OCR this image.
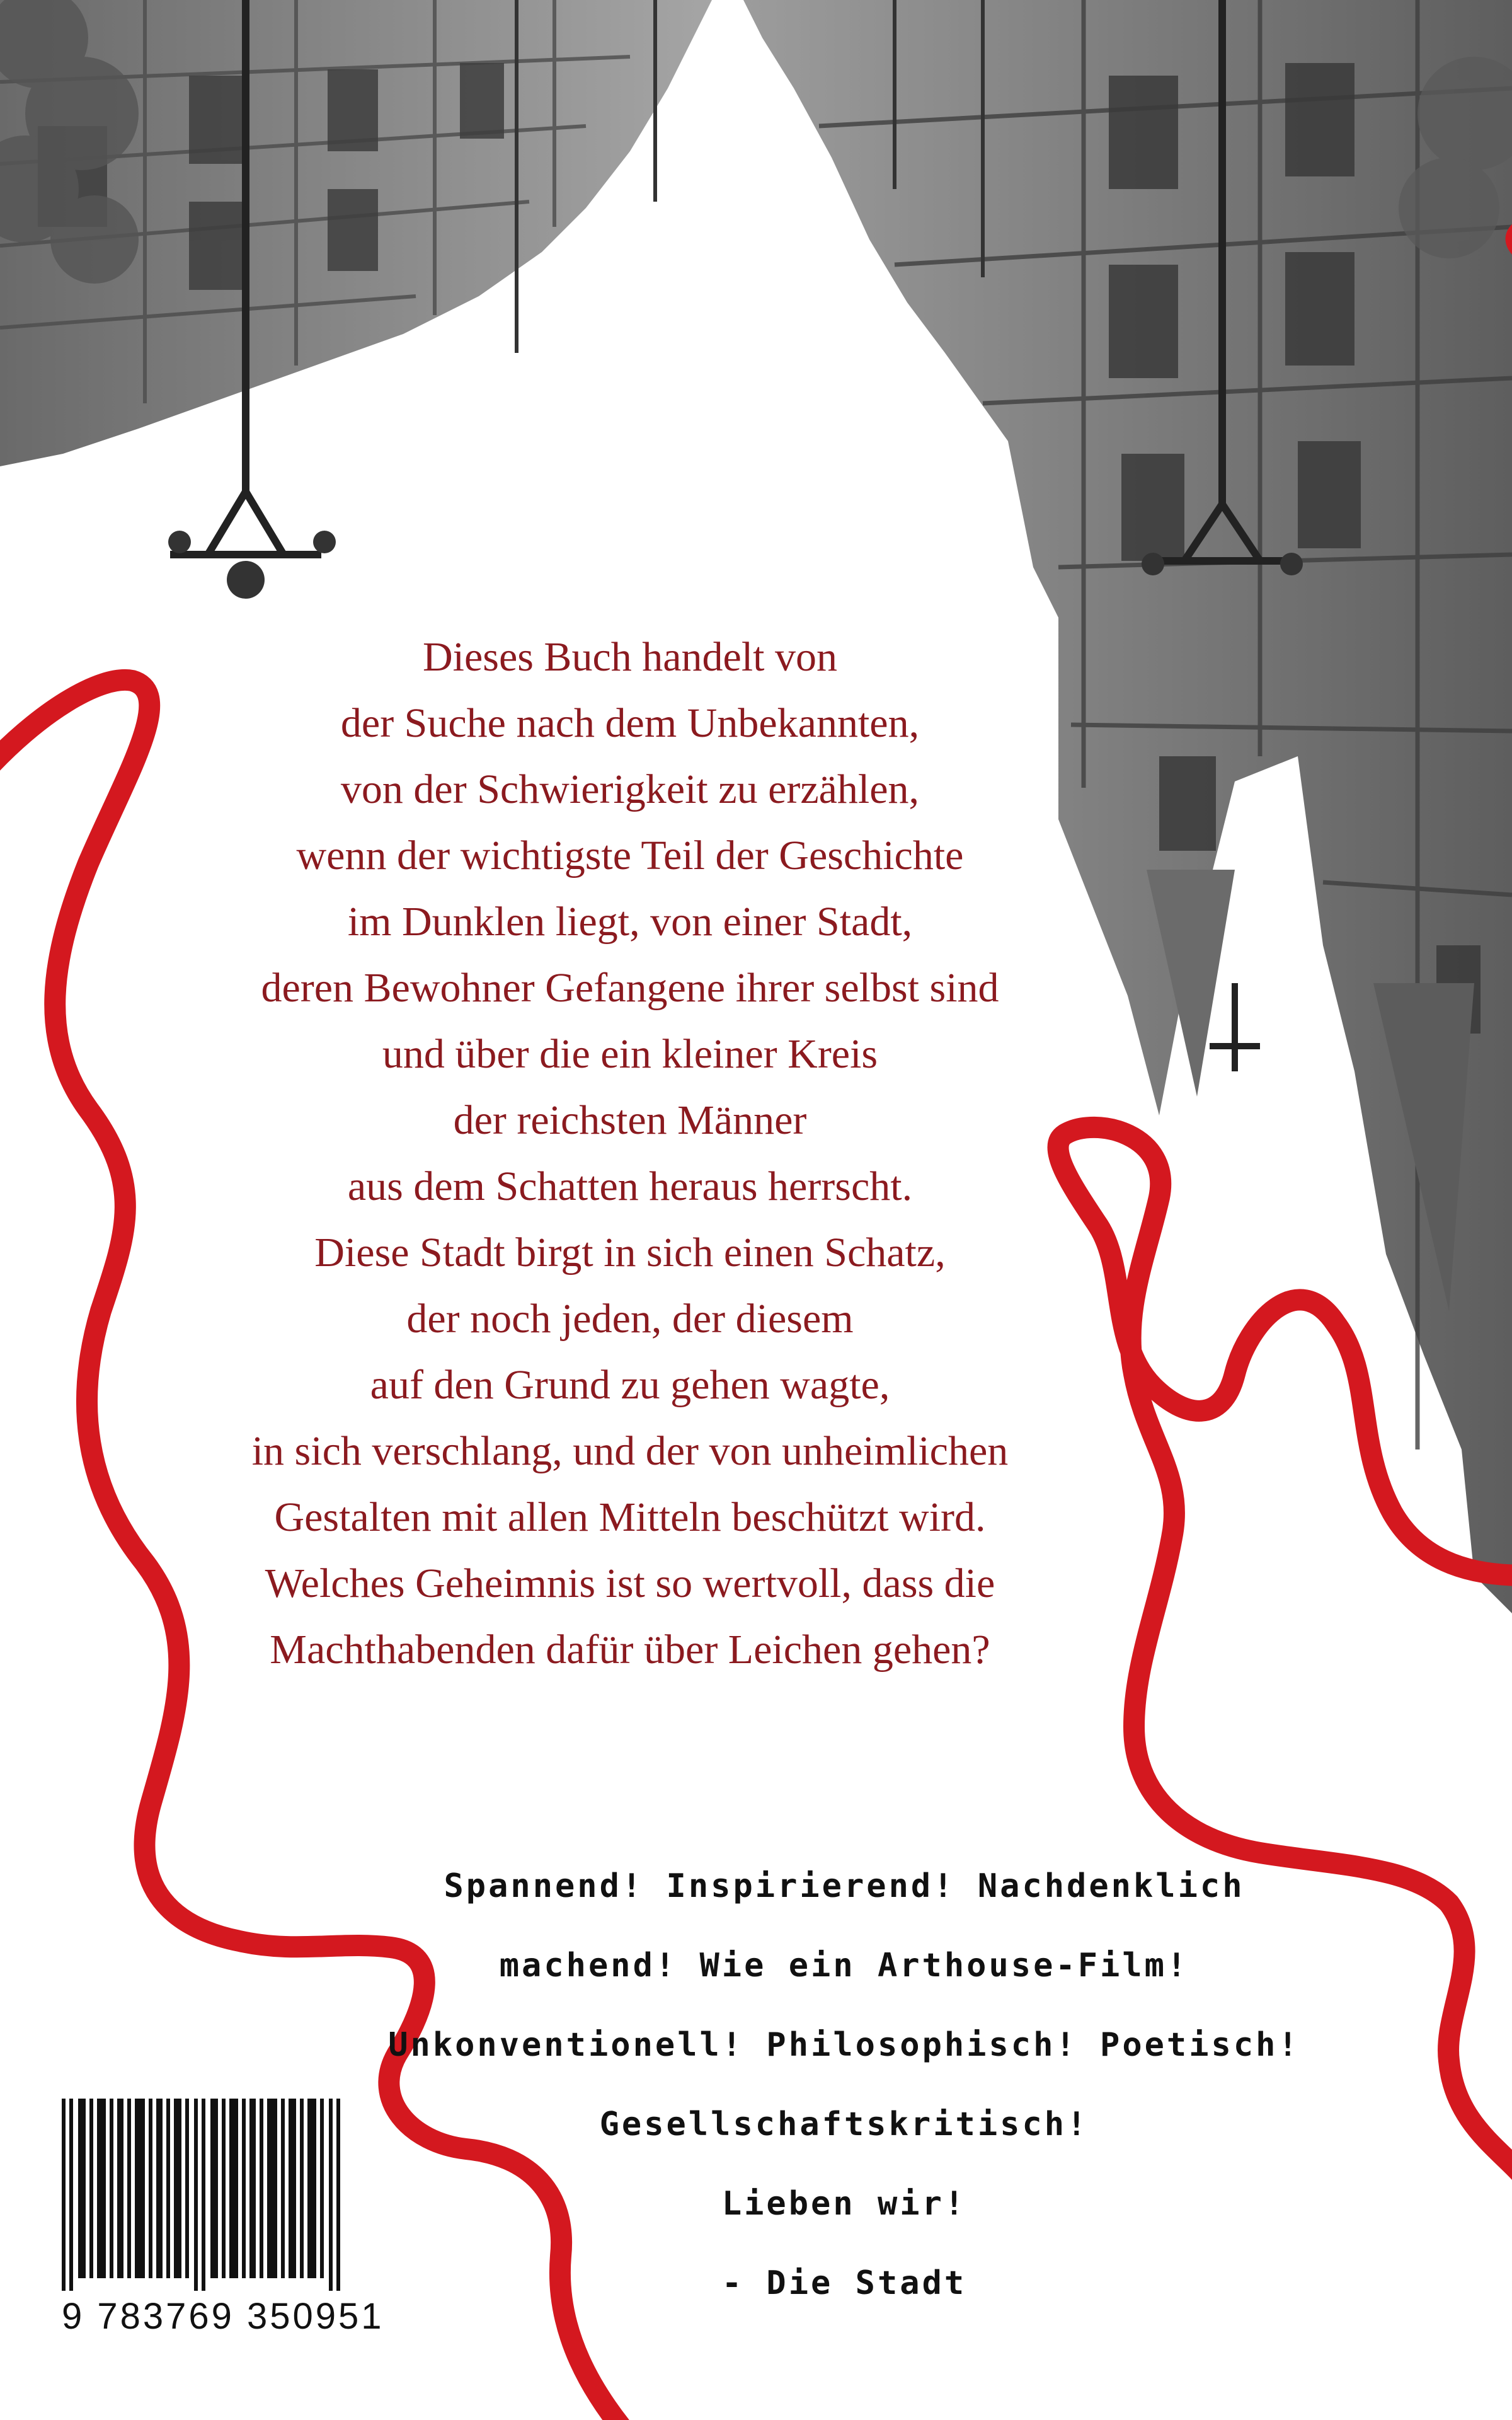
Dieses Buch handelt von
der Suche nach dem Unbekannten,
von der Schwierigkeit zu erzählen,
wenn der wichtigste Teil der Geschichte
im Dunklen liegt, von einer Stadt,
deren Bewohner Gefangene ihrer selbst sind
und über die ein kleiner Kreis
der reichsten Männer
aus dem Schatten heraus herrscht.
Diese Stadt birgt in sich einen Schatz,
der noch jeden, der diesem
auf den Grund zu gehen wagte,
in sich verschlang, und der von unheimlichen
Gestalten mit allen Mitteln beschützt wird.
Welches Geheimnis ist so wertvoll, dass die
Machthabenden dafür über Leichen gehen?
Spannend! Inspirierend! Nachdenklich
machend! Wie ein Arthouse-Film!
Unkonventionell! Philosophisch! Poetisch!
Gesellschaftskritisch!
Lieben wir!
- Die Stadt
9 783769 350951
